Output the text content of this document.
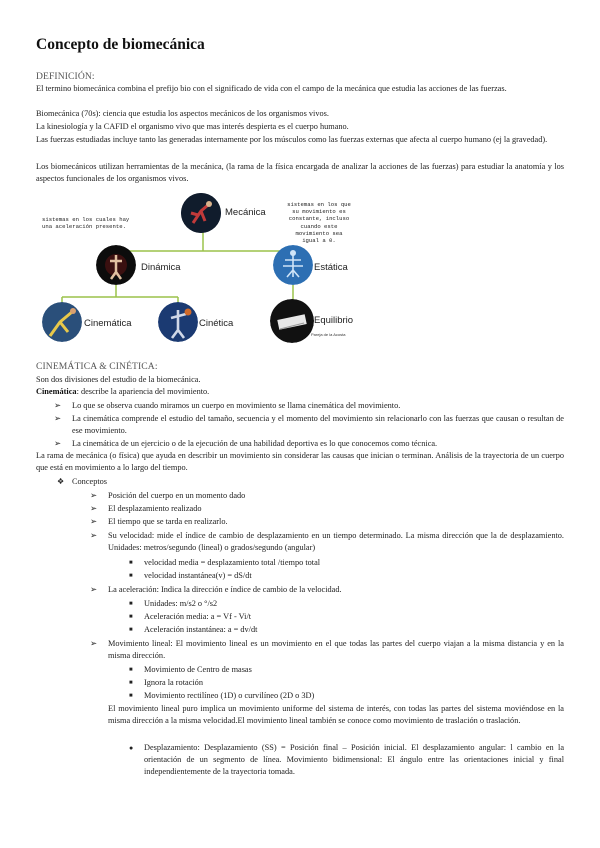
Concepto de biomecánica
DEFINICIÓN:

El termino biomecánica combina el prefijo bio con el significado de vida con el campo de la mecánica que estudia las acciones de las fuerzas.

Biomecánica (70s): ciencia que estudia los aspectos mecánicos de los organismos vivos.

La kinesiología y la CAFID el organismo vivo que mas interés despierta es el cuerpo humano.

Las fuerzas estudiadas incluye tanto las generadas internamente por los músculos como las fuerzas externas que afecta al cuerpo humano (ej la gravedad).

Los biomecánicos utilizan herramientas de la mecánica, (la rama de la física encargada de analizar la acciones de las fuerzas) para estudiar la anatomía y los aspectos funcionales de los organismos vivos.

Mecánica
Dinámica	Estática
Cinemática	Cinética	Equilibrio
Pareja de la Acosta
sistemas en los cuales hay una aceleración presente.
sistemas en los que su movimiento es constante, incluso cuando este movimiento sea igual a 0.
CINEMÁTICA & CINÉTICA:

Son dos divisiones del estudio de la biomecánica.

Cinemática: describe la apariencia del movimiento.

➢ Lo que se observa cuando miramos un cuerpo en movimiento se llama cinemática del movimiento.
➢ La cinemática comprende el estudio del tamaño, secuencia y el momento del movimiento sin relacionarlo con las fuerzas que causan o resultan de ese movimiento.
➢ La cinemática de un ejercicio o de la ejecución de una habilidad deportiva es lo que conocemos como técnica.

La rama de mecánica (o física) que ayuda en describir un movimiento sin considerar las causas que inician o terminan. Análisis de la trayectoria de un cuerpo que está en movimiento a lo largo del tiempo.

❖ Conceptos
➢ Posición del cuerpo en un momento dado
➢ El desplazamiento realizado
➢ El tiempo que se tarda en realizarlo.
➢ Su velocidad: mide el índice de cambio de desplazamiento en un tiempo determinado. La misma dirección que la de desplazamiento. Unidades: metros/segundo (lineal) o grados/segundo (angular)
■ velocidad media = desplazamiento total /tiempo total
■ velocidad instantánea(v) = dS/dt
➢ La aceleración: Indica la dirección e índice de cambio de la velocidad.
■ Unidades: m/s2 o °/s2
■ Aceleración media: a = Vf - Vi/t
■ Aceleración instantánea: a = dv/dt
➢ Movimiento lineal: El movimiento lineal es un movimiento en el que todas las partes del cuerpo viajan a la misma distancia y en la misma dirección.
■ Movimiento de Centro de masas
■ Ignora la rotación
■ Movimiento rectilíneo (1D) o curvilíneo (2D o 3D)
El movimiento lineal puro implica un movimiento uniforme del sistema de interés, con todas las partes del sistema moviéndose en la misma dirección a la misma velocidad.El movimiento lineal también se conoce como movimiento de traslación o traslación.
● Desplazamiento: Desplazamiento (SS) = Posición final – Posición inicial. El desplazamiento angular: l cambio en la orientación de un segmento de línea. Movimiento bidimensional: El ángulo entre las orientaciones inicial y final independientemente de la trayectoria tomada.
